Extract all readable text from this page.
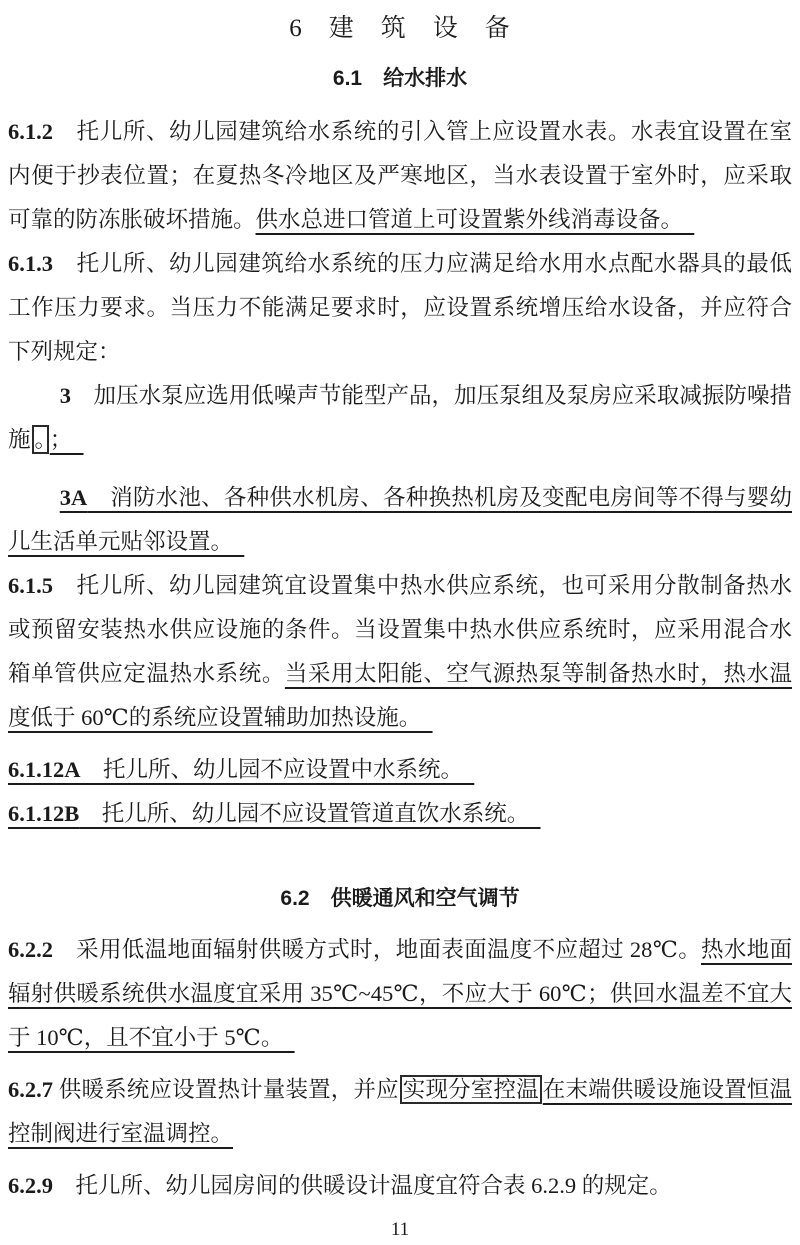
6　建　筑　设　备
6.1　给水排水

6.1.2　托儿所、幼儿园建筑给水系统的引入管上应设置水表。水表宜设置在室内便于抄表位置；在夏热冬冷地区及严寒地区，当水表设置于室外时，应采取可靠的防冻胀破坏措施。供水总进口管道上可设置紫外线消毒设备。　

6.1.3　托儿所、幼儿园建筑给水系统的压力应满足给水用水点配水器具的最低工作压力要求。当压力不能满足要求时，应设置系统增压给水设备，并应符合下列规定：

3　加压水泵应选用低噪声节能型产品，加压泵组及泵房应采取减振防噪措施 。 ；　

3A　消防水池、各种供水机房、各种换热机房及变配电房间等不得与婴幼儿生活单元贴邻设置。　

6.1.5　托儿所、幼儿园建筑宜设置集中热水供应系统，也可采用分散制备热水或预留安装热水供应设施的条件。当设置集中热水供应系统时，应采用混合水箱单管供应定温热水系统。当采用太阳能、空气源热泵等制备热水时，热水温度低于 60℃的系统应设置辅助加热设施。　

6.1.12A　托儿所、幼儿园不应设置中水系统。　

6.1.12B　托儿所、幼儿园不应设置管道直饮水系统。　

6.2　供暖通风和空气调节

6.2.2　采用低温地面辐射供暖方式时，地面表面温度不应超过 28℃。热水地面辐射供暖系统供水温度宜采用 35℃~45℃，不应大于 60℃；供回水温差不宜大于 10℃，且不宜小于 5℃。　

6.2.7 供暖系统应设置热计量装置，并应 实现分室控温 在末端供暖设施设置恒温控制阀进行室温调控。

6.2.9　托儿所、幼儿园房间的供暖设计温度宜符合表 6.2.9 的规定。

11
